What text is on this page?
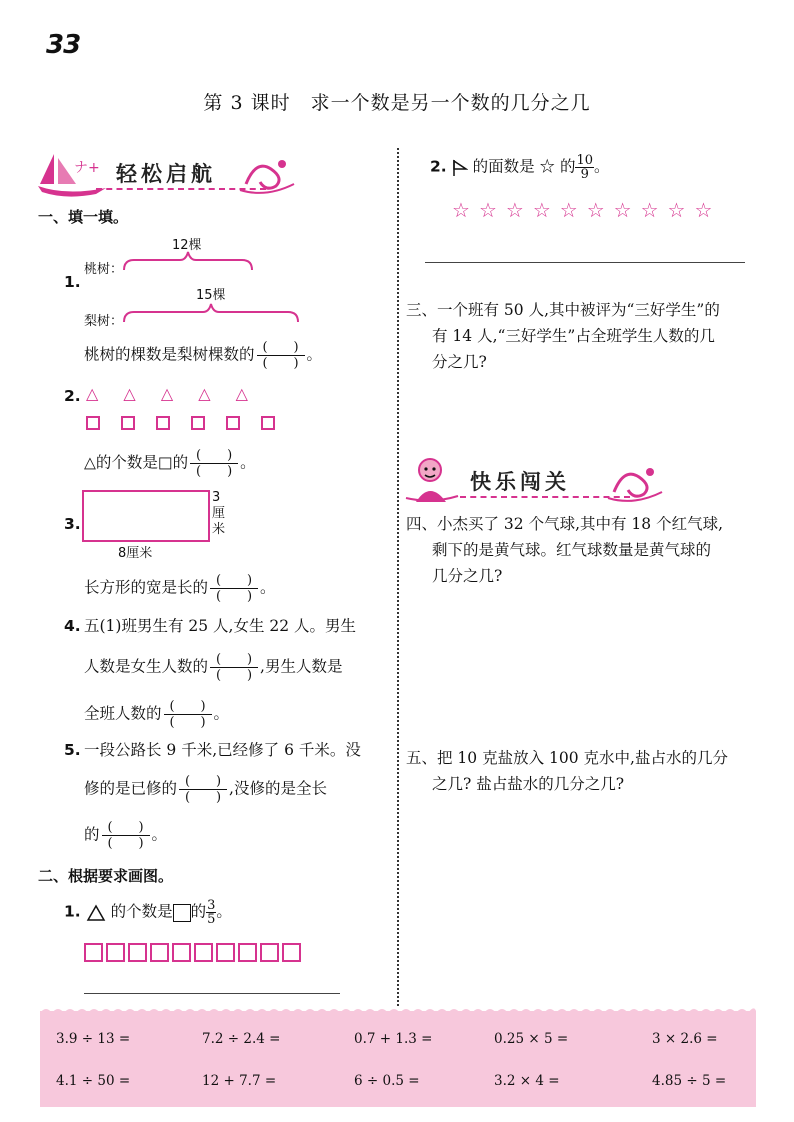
33
第 3 课时　求一个数是另一个数的几分之几
ナ+ 轻松启航
一、填一填。
1.
桃树：
12棵
梨树：
15棵
桃树的棵数是梨树棵数的 $\frac{( )}{( )}$ 。
2. △ △ △ △ △
△的个数是□的 $\frac{( )}{( )}$ 。
3.
3厘米
8厘米
长方形的宽是长的 $\frac{( )}{( )}$ 。
4. 五(1)班男生有 25 人,女生 22 人。男生
人数是女生人数的 $\frac{( )}{( )}$ ,男生人数是
全班人数的 $\frac{( )}{( )}$ 。
5. 一段公路长 9 千米,已经修了 6 千米。没
修的是已修的 $\frac{( )}{( )}$ ,没修的是全长
的 $\frac{( )}{( )}$ 。
二、根据要求画图。
1. 的个数是 的 $\frac{3}{5}$。
2. 的面数是 ☆ 的 $\frac{10}{9}$。
☆ ☆ ☆ ☆ ☆ ☆ ☆ ☆ ☆ ☆
三、一个班有 50 人,其中被评为“三好学生”的
有 14 人,“三好学生”占全班学生人数的几
分之几?
快乐闯关
四、小杰买了 32 个气球,其中有 18 个红气球,
剩下的是黄气球。红气球数量是黄气球的
几分之几?
五、把 10 克盐放入 100 克水中,盐占水的几分
之几? 盐占盐水的几分之几?
3.9 ÷ 13 =	7.2 ÷ 2.4 =	0.7 + 1.3 =	0.25 × 5 =	3 × 2.6 =
4.1 ÷ 50 =	12 + 7.7 =	6 ÷ 0.5 =	3.2 × 4 =	4.85 ÷ 5 =
